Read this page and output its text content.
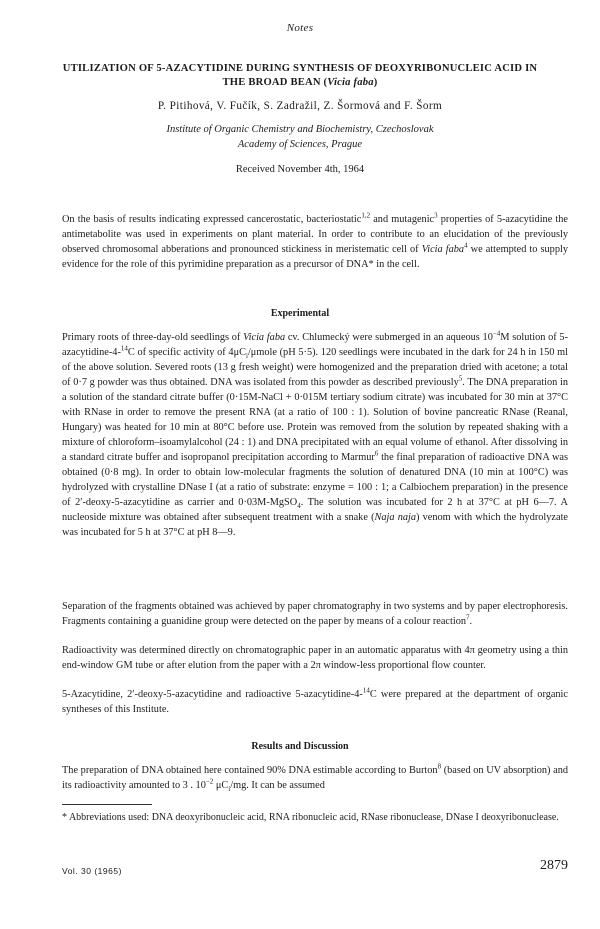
Notes
UTILIZATION OF 5-AZACYTIDINE DURING SYNTHESIS OF DEOXYRIBONUCLEIC ACID IN THE BROAD BEAN (Vicia faba)
P. Pitihová, V. Fučík, S. Zadražil, Z. Šormová and F. Šorm
Institute of Organic Chemistry and Biochemistry, Czechoslovak
Academy of Sciences, Prague
Received November 4th, 1964

On the basis of results indicating expressed cancerostatic, bacteriostatic$^{1,2}$ and mutagenic$^3$ properties of 5-azacytidine the antimetabolite was used in experiments on plant material. In order to contribute to an elucidation of the previously observed chromosomal abberations and pronounced stickiness in meristematic cell of Vicia faba$^4$ we attempted to supply evidence for the role of this pyrimidine preparation as a precursor of DNA* in the cell.

Experimental

Primary roots of three-day-old seedlings of Vicia faba cv. Chlumecký were submerged in an aqueous $10^{-4}M$ solution of 5-azacytidine-4-$^{14}$C of specific activity of $4\mu C_i$/μmole (pH 5·5). 120 seedlings were incubated in the dark for 24 h in 150 ml of the above solution. Severed roots (13 g fresh weight) were homogenized and the preparation dried with acetone; a total of 0·7 g powder was thus obtained. DNA was isolated from this powder as described previously$^5$. The DNA preparation in a solution of the standard citrate buffer (0·15M-NaCl + 0·015M tertiary sodium citrate) was incubated for 30 min at 37°C with RNase in order to remove the present RNA (at a ratio of 100 : 1). Solution of bovine pancreatic RNase (Reanal, Hungary) was heated for 10 min at 80°C before use. Protein was removed from the solution by repeated shaking with a mixture of chloroform–isoamylalcohol (24 : 1) and DNA precipitated with an equal volume of ethanol. After dissolving in a standard citrate buffer and isopropanol precipitation according to Marmur$^6$ the final preparation of radioactive DNA was obtained (0·8 mg). In order to obtain low-molecular fragments the solution of denatured DNA (10 min at 100°C) was hydrolyzed with crystalline DNase I (at a ratio of substrate: enzyme = 100 : 1; a Calbiochem preparation) in the presence of 2′-deoxy-5-azacytidine as carrier and 0·03M-MgSO$_4$. The solution was incubated for 2 h at 37°C at pH 6—7. A nucleoside mixture was obtained after subsequent treatment with a snake (Naja naja) venom with which the hydrolyzate was incubated for 5 h at 37°C at pH 8—9.

Separation of the fragments obtained was achieved by paper chromatography in two systems and by paper electrophoresis. Fragments containing a guanidine group were detected on the paper by means of a colour reaction$^7$.

Radioactivity was determined directly on chromatographic paper in an automatic apparatus with 4π geometry using a thin end-window GM tube or after elution from the paper with a 2π window-less proportional flow counter.

5-Azacytidine, 2′-deoxy-5-azacytidine and radioactive 5-azacytidine-4-$^{14}$C were prepared at the department of organic syntheses of this Institute.

Results and Discussion

The preparation of DNA obtained here contained 90% DNA estimable according to Burton$^8$ (based on UV absorption) and its radioactivity amounted to 3 . $10^{-2}$ $\mu C_i/mg$. It can be assumed

* Abbreviations used: DNA deoxyribonucleic acid, RNA ribonucleic acid, RNase ribonuclease, DNase I deoxyribonuclease.

Vol. 30 (1965)	2879
